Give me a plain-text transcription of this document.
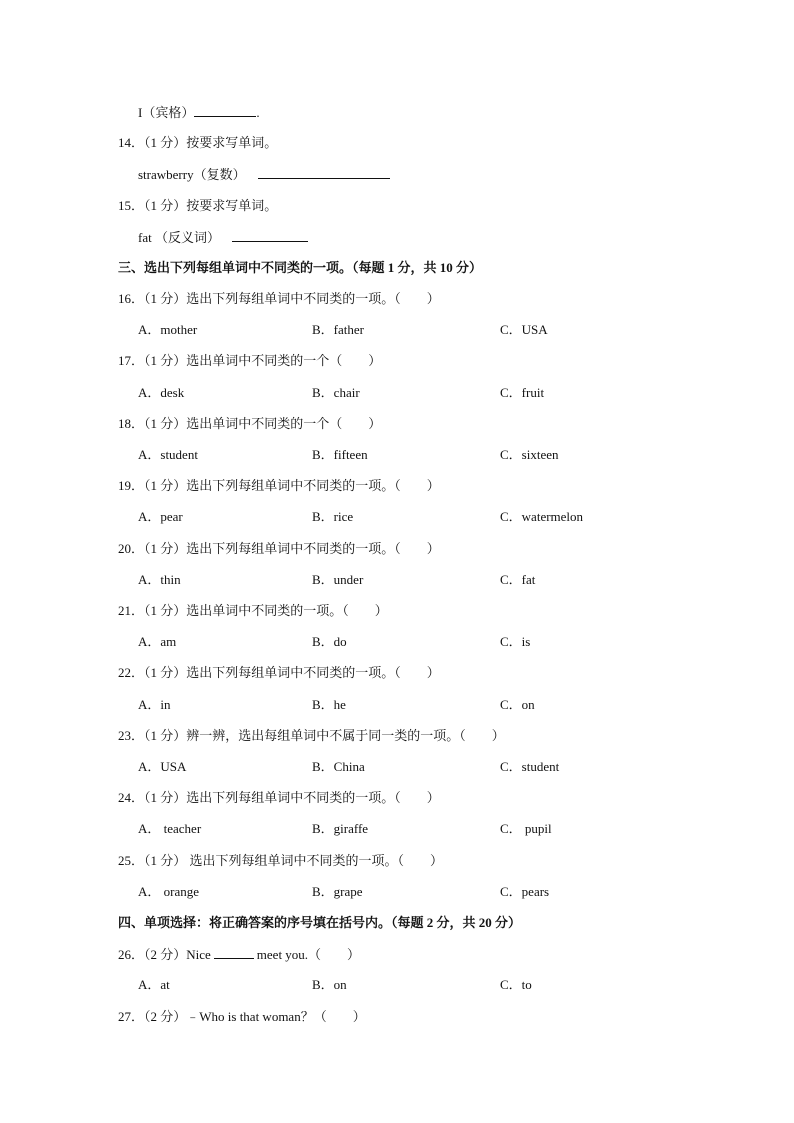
I（宾格）	.
14．（1 分）按要求写单词。
strawberry（复数）
15．（1 分）按要求写单词。
fat （反义词）
三、选出下列每组单词中不同类的一项。（每题 1 分，共 10 分）
16．（1 分）选出下列每组单词中不同类的一项。（　　）
A．mother	B．father	C．USA
17．（1 分）选出单词中不同类的一个（　　）
A．desk	B．chair	C．fruit
18．（1 分）选出单词中不同类的一个（　　）
A．student	B．fifteen	C．sixteen
19．（1 分）选出下列每组单词中不同类的一项。（　　）
A．pear	B．rice	C．watermelon
20．（1 分）选出下列每组单词中不同类的一项。（　　）
A．thin	B．under	C．fat
21．（1 分）选出单词中不同类的一项。（　　）
A．am	B．do	C．is
22．（1 分）选出下列每组单词中不同类的一项。（　　）
A．in	B．he	C．on
23．（1 分）辨一辨，选出每组单词中不属于同一类的一项。（　　）
A．USA	B．China	C．student
24．（1 分）选出下列每组单词中不同类的一项。（　　）
A． teacher	B．giraffe	C． pupil
25．（1 分） 选出下列每组单词中不同类的一项。（　　）
A． orange	B．grape	C．pears
四、单项选择：将正确答案的序号填在括号内。（每题 2 分，共 20 分）
26．（2 分）Nice	meet you.（　　）
A．at	B．on	C．to
27．（2 分）﹣Who is that woman？（　　）
